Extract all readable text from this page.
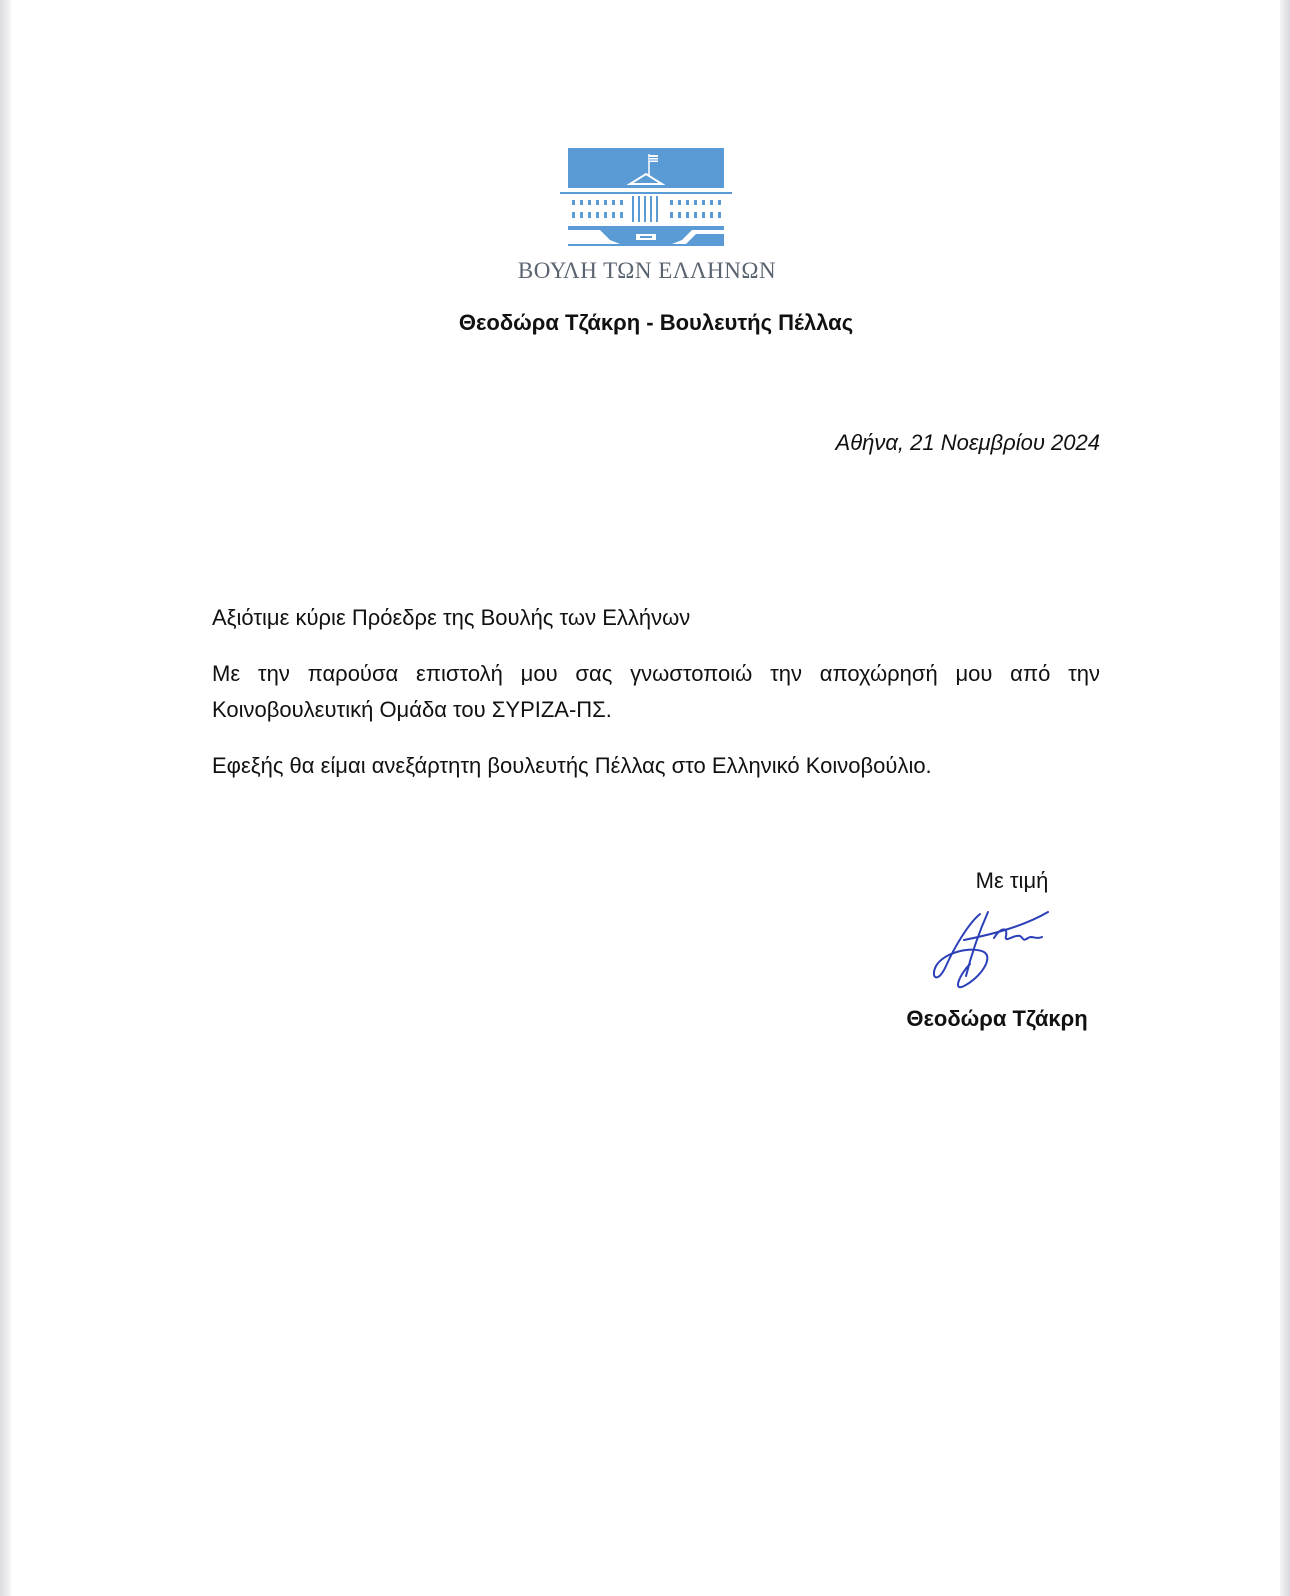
ΒΟΥΛΗ ΤΩΝ ΕΛΛΗΝΩΝ
Θεοδώρα Τζάκρη - Βουλευτής Πέλλας
Αθήνα, 21 Νοεμβρίου 2024

Αξιότιμε κύριε Πρόεδρε της Βουλής των Ελλήνων

Με την παρούσα επιστολή μου σας γνωστοποιώ την αποχώρησή μου από την Κοινοβουλευτική Ομάδα του ΣΥΡΙΖΑ-ΠΣ.

Εφεξής θα είμαι ανεξάρτητη βουλευτής Πέλλας στο Ελληνικό Κοινοβούλιο.

Με τιμή
Θεοδώρα Τζάκρη
